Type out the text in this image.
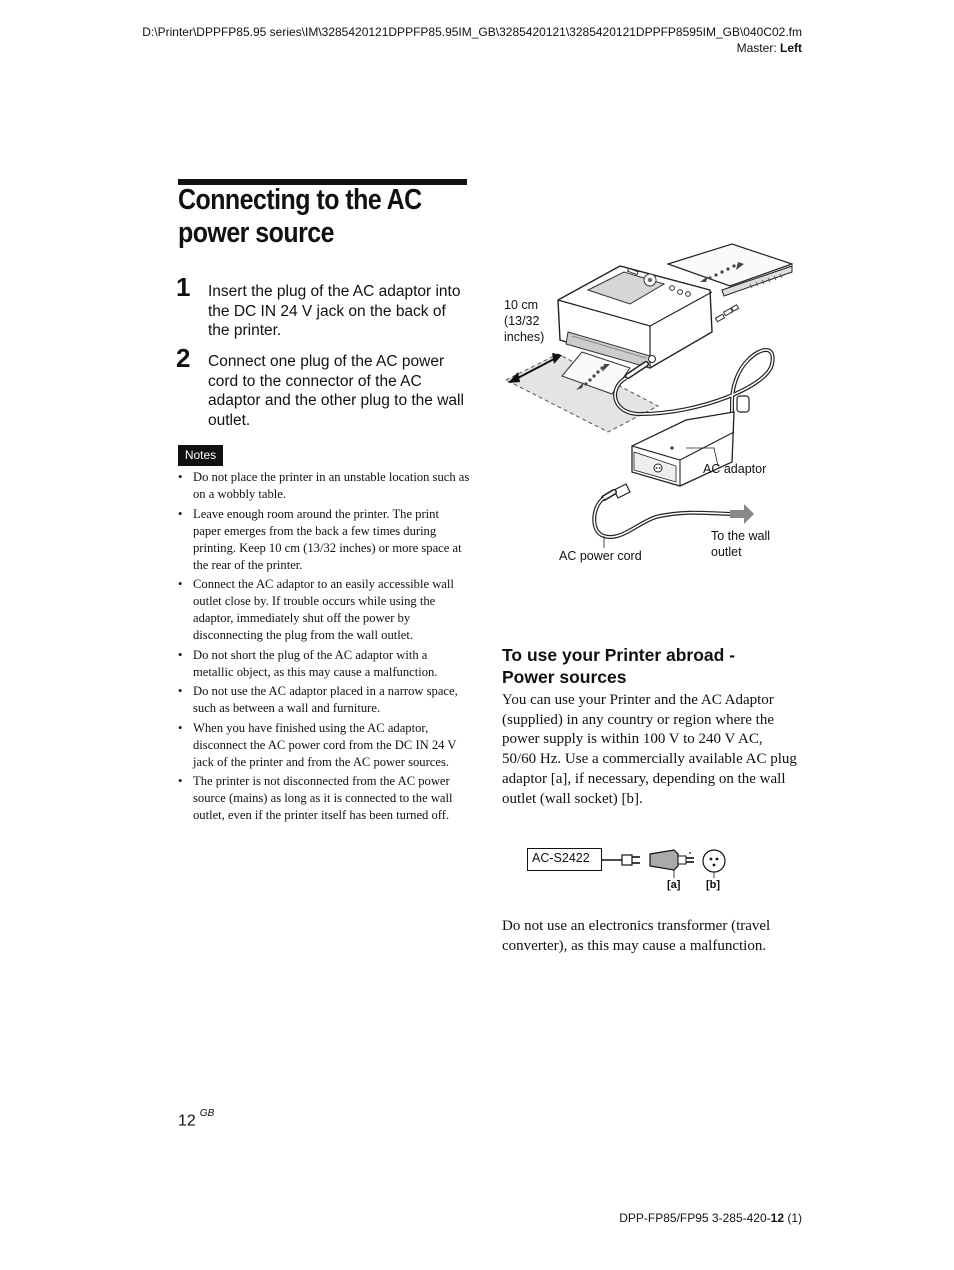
D:\Printer\DPPFP85.95 series\IM\3285420121DPPFP85.95IM_GB\3285420121\3285420121DPPFP8595IM_GB\040C02.fm
Master: Left
Connecting to the AC
power source
1 Insert the plug of the AC adaptor into the DC IN 24 V jack on the back of the printer.
2 Connect one plug of the AC power cord to the connector of the AC adaptor and the other plug to the wall outlet.
Notes
• Do not place the printer in an unstable location such as on a wobbly table.
• Leave enough room around the printer. The print paper emerges from the back a few times during printing. Keep 10 cm (13/32 inches) or more space at the rear of the printer.
• Connect the AC adaptor to an easily accessible wall outlet close by. If trouble occurs while using the adaptor, immediately shut off the power by disconnecting the plug from the wall outlet.
• Do not short the plug of the AC adaptor with a metallic object, as this may cause a malfunction.
• Do not use the AC adaptor placed in a narrow space, such as between a wall and furniture.
• When you have finished using the AC adaptor, disconnect the AC power cord from the DC IN 24 V jack of the printer and from the AC power sources.
• The printer is not disconnected from the AC power source (mains) as long as it is connected to the wall outlet, even if the printer itself has been turned off.
10 cm
(13/32
inches)
AC adaptor
To the wall
outlet
AC power cord
To use your Printer abroad -
Power sources
You can use your Printer and the AC Adaptor (supplied) in any country or region where the power supply is within 100 V to 240 V AC, 50/60 Hz. Use a commercially available AC plug adaptor [a], if necessary, depending on the wall outlet (wall socket) [b].
AC-S2422
[a] [b]
Do not use an electronics transformer (travel converter), as this may cause a malfunction.
12 $^{GB}$
DPP-FP85/FP95 3-285-420-12 (1)
